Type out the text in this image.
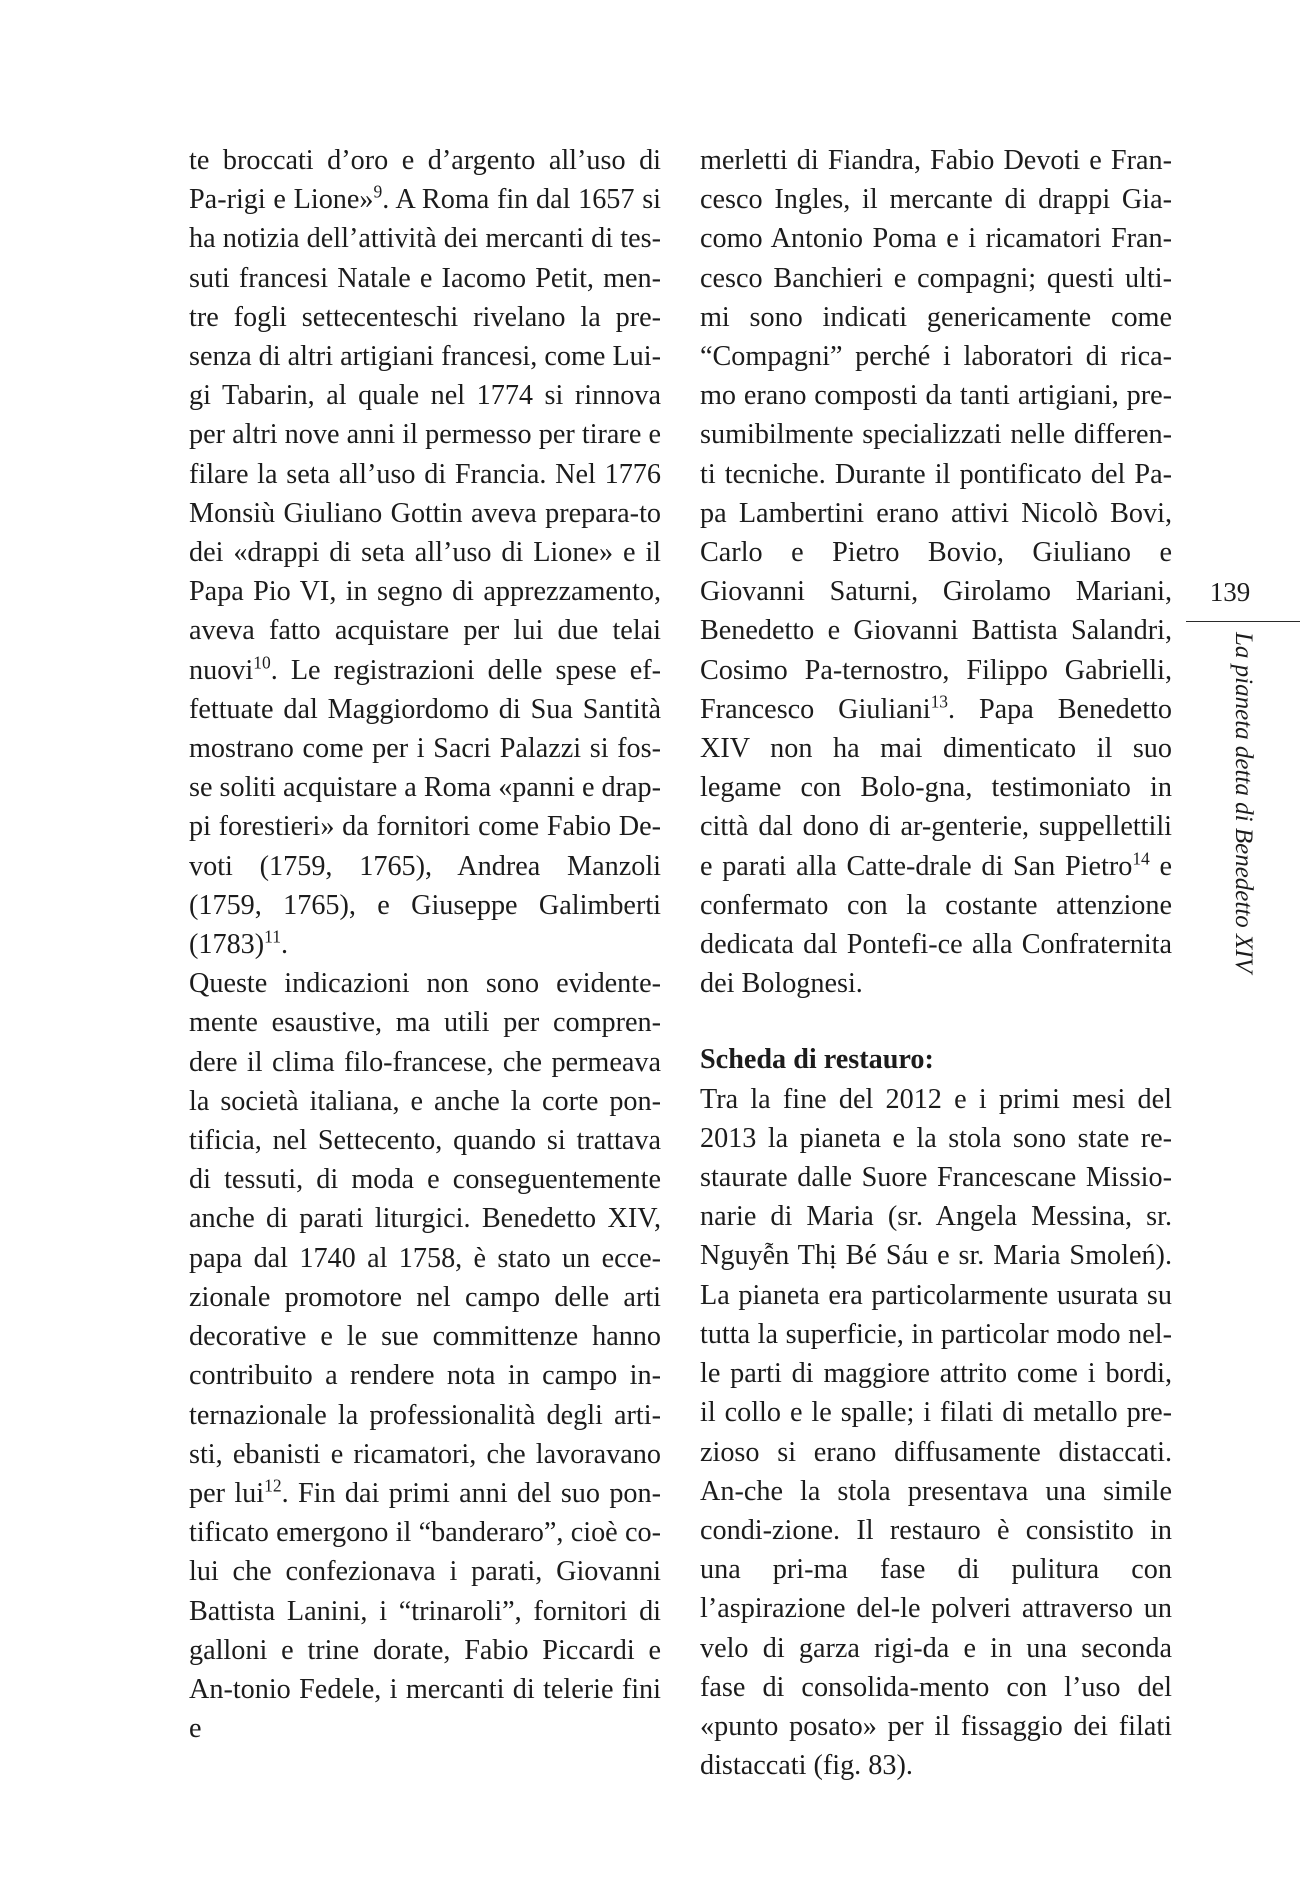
te broccati d’oro e d’argento all’uso di Pa-rigi e Lione»$^9$. A Roma fin dal 1657 si ha notizia dell’attività dei mercanti di tes-suti francesi Natale e Iacomo Petit, men-tre fogli settecenteschi rivelano la pre-senza di altri artigiani francesi, come Lui-gi Tabarin, al quale nel 1774 si rinnova per altri nove anni il permesso per tirare e filare la seta all’uso di Francia. Nel 1776 Monsiù Giuliano Gottin aveva prepara-to dei «drappi di seta all’uso di Lione» e il Papa Pio VI, in segno di apprezzamento, aveva fatto acquistare per lui due telai nuovi$^{10}$. Le registrazioni delle spese ef-fettuate dal Maggiordomo di Sua Santità mostrano come per i Sacri Palazzi si fos-se soliti acquistare a Roma «panni e drap-pi forestieri» da fornitori come Fabio De-voti (1759, 1765), Andrea Manzoli (1759, 1765), e Giuseppe Galimberti $(1783)^{11}$.

Queste indicazioni non sono evidente-mente esaustive, ma utili per compren-dere il clima filo-francese, che permeava la società italiana, e anche la corte pon-tificia, nel Settecento, quando si trattava di tessuti, di moda e conseguentemente anche di parati liturgici. Benedetto XIV, papa dal 1740 al 1758, è stato un ecce-zionale promotore nel campo delle arti decorative e le sue committenze hanno contribuito a rendere nota in campo in-ternazionale la professionalità degli arti-sti, ebanisti e ricamatori, che lavoravano per lui$^{12}$. Fin dai primi anni del suo pon-tificato emergono il “banderaro”, cioè co-lui che confezionava i parati, Giovanni Battista Lanini, i “trinaroli”, fornitori di galloni e trine dorate, Fabio Piccardi e An-tonio Fedele, i mercanti di telerie fini e

merletti di Fiandra, Fabio Devoti e Fran-cesco Ingles, il mercante di drappi Gia-como Antonio Poma e i ricamatori Fran-cesco Banchieri e compagni; questi ulti-mi sono indicati genericamente come “Compagni” perché i laboratori di rica-mo erano composti da tanti artigiani, pre-sumibilmente specializzati nelle differen-ti tecniche. Durante il pontificato del Pa-pa Lambertini erano attivi Nicolò Bovi, Carlo e Pietro Bovio, Giuliano e Giovanni Saturni, Girolamo Mariani, Benedetto e Giovanni Battista Salandri, Cosimo Pa-ternostro, Filippo Gabrielli, Francesco Giuliani$^{13}$. Papa Benedetto XIV non ha mai dimenticato il suo legame con Bolo-gna, testimoniato in città dal dono di ar-genterie, suppellettili e parati alla Catte-drale di San Pietro$^{14}$ e confermato con la costante attenzione dedicata dal Pontefi-ce alla Confraternita dei Bolognesi.

Scheda di restauro:

Tra la fine del 2012 e i primi mesi del 2013 la pianeta e la stola sono state re-staurate dalle Suore Francescane Missio-narie di Maria (sr. Angela Messina, sr. Nguyễn Thị Bé Sáu e sr. Maria Smoleń). La pianeta era particolarmente usurata su tutta la superficie, in particolar modo nel-le parti di maggiore attrito come i bordi, il collo e le spalle; i filati di metallo pre-zioso si erano diffusamente distaccati. An-che la stola presentava una simile condi-zione. Il restauro è consistito in una pri-ma fase di pulitura con l’aspirazione del-le polveri attraverso un velo di garza rigi-da e in una seconda fase di consolida-mento con l’uso del «punto posato» per il fissaggio dei filati distaccati (fig. 83).

139
La pianeta detta di Benedetto XIV
